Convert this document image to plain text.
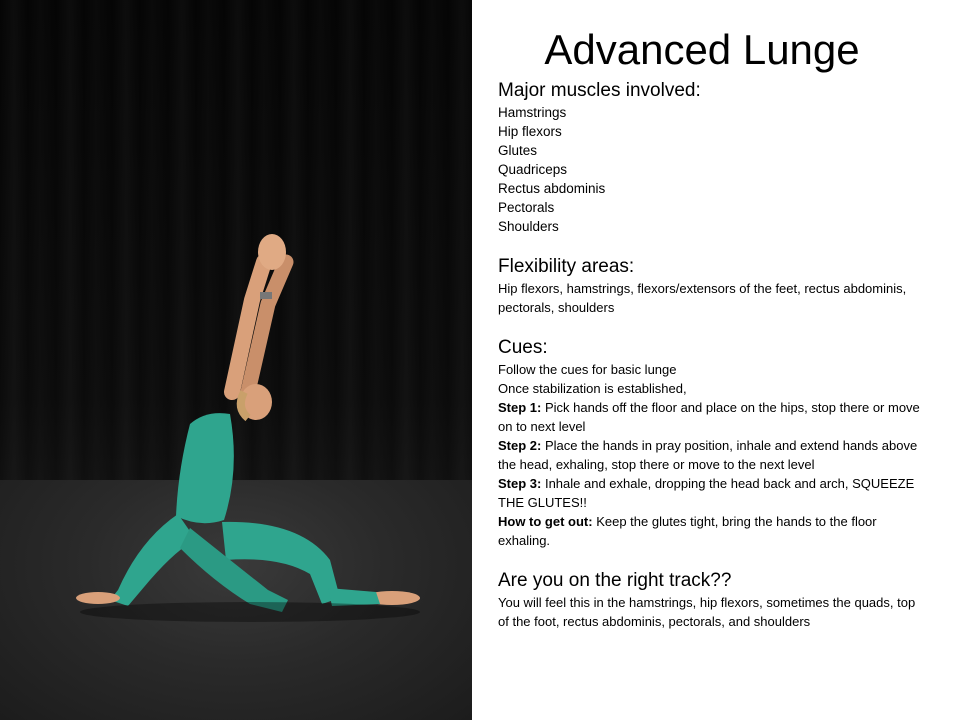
Advanced Lunge

Major muscles involved:

Hamstrings
Hip flexors
Glutes
Quadriceps
Rectus abdominis
Pectorals
Shoulders

Flexibility areas:

Hip flexors, hamstrings, flexors/extensors of the feet, rectus abdominis, pectorals, shoulders

Cues:

Follow the cues for basic lunge

Once stabilization is established,

Step 1: Pick hands off the floor and place on the hips, stop there or move on to next level

Step 2: Place the hands in pray position, inhale and extend hands above the head, exhaling, stop there or move to the next level

Step 3: Inhale and exhale, dropping the head back and arch, SQUEEZE THE GLUTES!!

How to get out: Keep the glutes tight, bring the hands to the floor exhaling.

Are you on the right track??

You will feel this in the hamstrings, hip flexors, sometimes the quads, top of the foot, rectus abdominis, pectorals, and shoulders
